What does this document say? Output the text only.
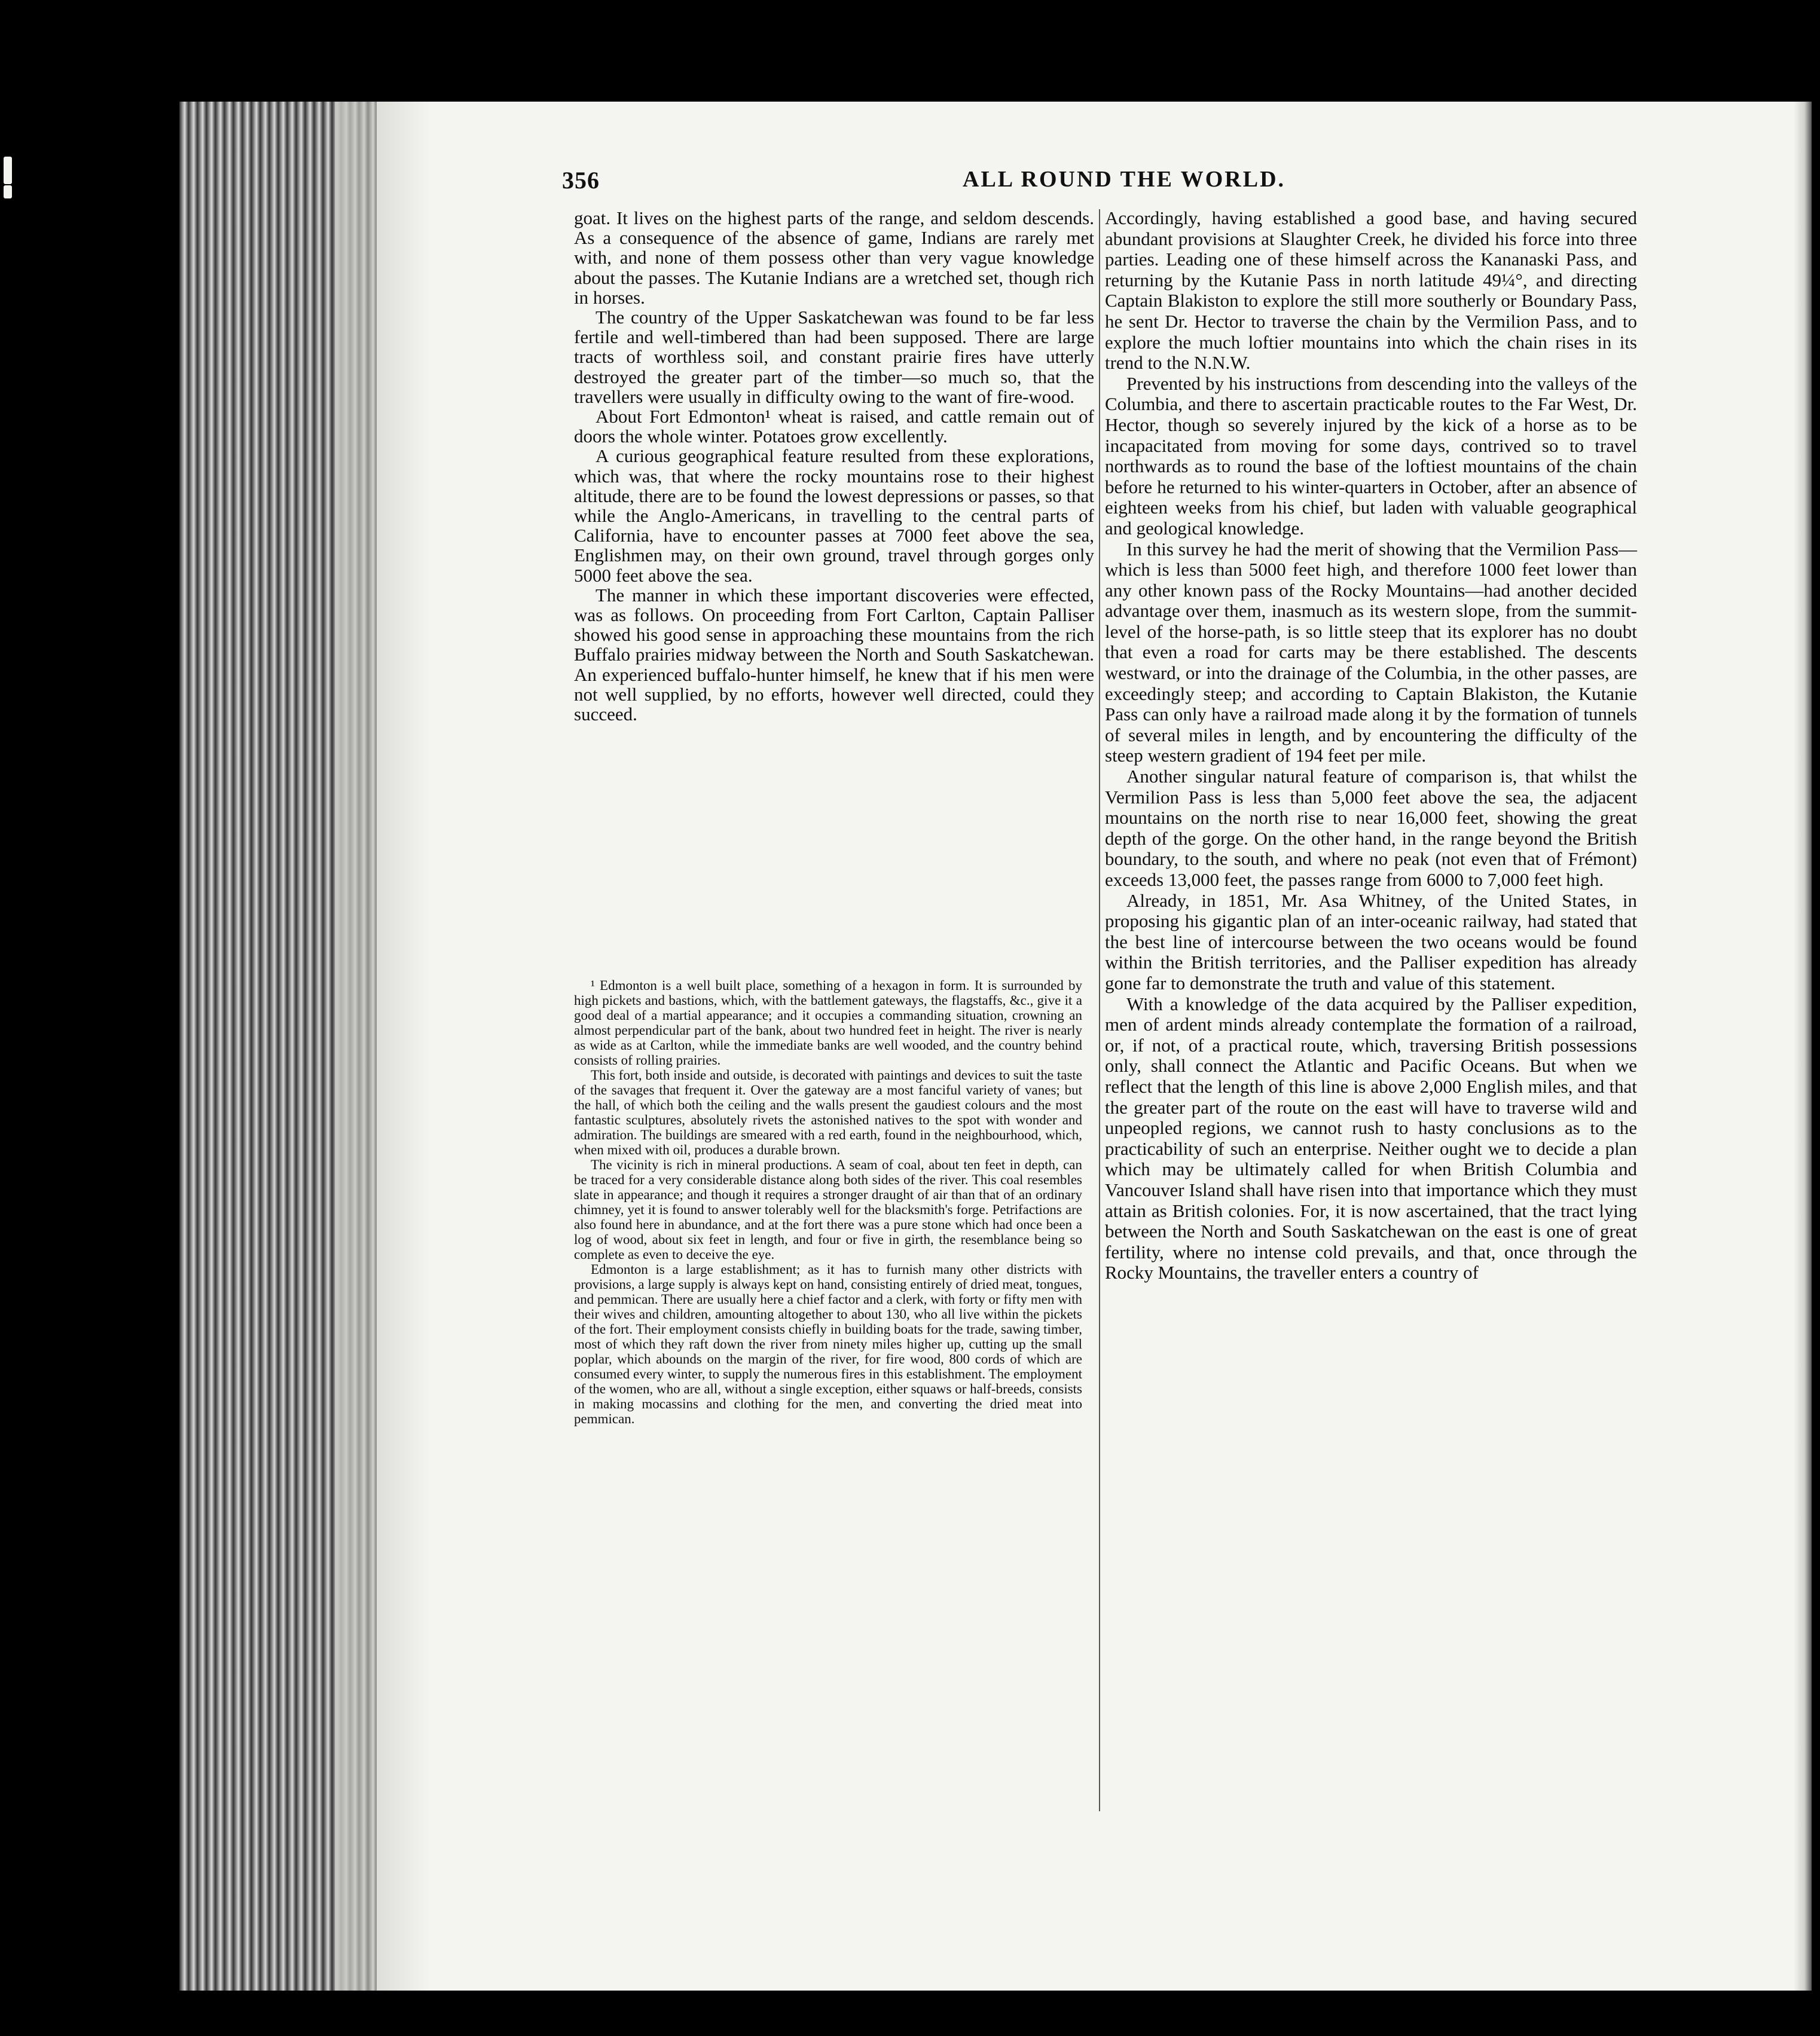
356	ALL ROUND THE WORLD.

goat. It lives on the highest parts of the range, and seldom descends. As a consequence of the absence of game, Indians are rarely met with, and none of them possess other than very vague knowledge about the passes. The Kutanie Indians are a wretched set, though rich in horses.

The country of the Upper Saskatchewan was found to be far less fertile and well-timbered than had been supposed. There are large tracts of worthless soil, and constant prairie fires have utterly destroyed the greater part of the timber—so much so, that the travellers were usually in difficulty owing to the want of fire-wood.

About Fort Edmonton¹ wheat is raised, and cattle remain out of doors the whole winter. Potatoes grow excellently.

A curious geographical feature resulted from these explorations, which was, that where the rocky mountains rose to their highest altitude, there are to be found the lowest depressions or passes, so that while the Anglo-Americans, in travelling to the central parts of California, have to encounter passes at 7000 feet above the sea, Englishmen may, on their own ground, travel through gorges only 5000 feet above the sea.

The manner in which these important discoveries were effected, was as follows. On proceeding from Fort Carlton, Captain Palliser showed his good sense in approaching these mountains from the rich Buffalo prairies midway between the North and South Saskatchewan. An experienced buffalo-hunter himself, he knew that if his men were not well supplied, by no efforts, however well directed, could they succeed.

¹ Edmonton is a well built place, something of a hexagon in form. It is surrounded by high pickets and bastions, which, with the battlement gateways, the flagstaffs, &c., give it a good deal of a martial appearance; and it occupies a commanding situation, crowning an almost perpendicular part of the bank, about two hundred feet in height. The river is nearly as wide as at Carlton, while the immediate banks are well wooded, and the country behind consists of rolling prairies.

This fort, both inside and outside, is decorated with paintings and devices to suit the taste of the savages that frequent it. Over the gateway are a most fanciful variety of vanes; but the hall, of which both the ceiling and the walls present the gaudiest colours and the most fantastic sculptures, absolutely rivets the astonished natives to the spot with wonder and admiration. The buildings are smeared with a red earth, found in the neighbourhood, which, when mixed with oil, produces a durable brown.

The vicinity is rich in mineral productions. A seam of coal, about ten feet in depth, can be traced for a very considerable distance along both sides of the river. This coal resembles slate in appearance; and though it requires a stronger draught of air than that of an ordinary chimney, yet it is found to answer tolerably well for the blacksmith's forge. Petrifactions are also found here in abundance, and at the fort there was a pure stone which had once been a log of wood, about six feet in length, and four or five in girth, the resemblance being so complete as even to deceive the eye.

Edmonton is a large establishment; as it has to furnish many other districts with provisions, a large supply is always kept on hand, consisting entirely of dried meat, tongues, and pemmican. There are usually here a chief factor and a clerk, with forty or fifty men with their wives and children, amounting altogether to about 130, who all live within the pickets of the fort. Their employment consists chiefly in building boats for the trade, sawing timber, most of which they raft down the river from ninety miles higher up, cutting up the small poplar, which abounds on the margin of the river, for fire wood, 800 cords of which are consumed every winter, to supply the numerous fires in this establishment. The employment of the women, who are all, without a single exception, either squaws or half-breeds, consists in making mocassins and clothing for the men, and converting the dried meat into pemmican.

Accordingly, having established a good base, and having secured abundant provisions at Slaughter Creek, he divided his force into three parties. Leading one of these himself across the Kananaski Pass, and returning by the Kutanie Pass in north latitude 49¼°, and directing Captain Blakiston to explore the still more southerly or Boundary Pass, he sent Dr. Hector to traverse the chain by the Vermilion Pass, and to explore the much loftier mountains into which the chain rises in its trend to the N.N.W.

Prevented by his instructions from descending into the valleys of the Columbia, and there to ascertain practicable routes to the Far West, Dr. Hector, though so severely injured by the kick of a horse as to be incapacitated from moving for some days, contrived so to travel northwards as to round the base of the loftiest mountains of the chain before he returned to his winter-quarters in October, after an absence of eighteen weeks from his chief, but laden with valuable geographical and geological knowledge.

In this survey he had the merit of showing that the Vermilion Pass—which is less than 5000 feet high, and therefore 1000 feet lower than any other known pass of the Rocky Mountains—had another decided advantage over them, inasmuch as its western slope, from the summit-level of the horse-path, is so little steep that its explorer has no doubt that even a road for carts may be there established. The descents westward, or into the drainage of the Columbia, in the other passes, are exceedingly steep; and according to Captain Blakiston, the Kutanie Pass can only have a railroad made along it by the formation of tunnels of several miles in length, and by encountering the difficulty of the steep western gradient of 194 feet per mile.

Another singular natural feature of comparison is, that whilst the Vermilion Pass is less than 5,000 feet above the sea, the adjacent mountains on the north rise to near 16,000 feet, showing the great depth of the gorge. On the other hand, in the range beyond the British boundary, to the south, and where no peak (not even that of Frémont) exceeds 13,000 feet, the passes range from 6000 to 7,000 feet high.

Already, in 1851, Mr. Asa Whitney, of the United States, in proposing his gigantic plan of an inter-oceanic railway, had stated that the best line of intercourse between the two oceans would be found within the British territories, and the Palliser expedition has already gone far to demonstrate the truth and value of this statement.

With a knowledge of the data acquired by the Palliser expedition, men of ardent minds already contemplate the formation of a railroad, or, if not, of a practical route, which, traversing British possessions only, shall connect the Atlantic and Pacific Oceans. But when we reflect that the length of this line is above 2,000 English miles, and that the greater part of the route on the east will have to traverse wild and unpeopled regions, we cannot rush to hasty conclusions as to the practicability of such an enterprise. Neither ought we to decide a plan which may be ultimately called for when British Columbia and Vancouver Island shall have risen into that importance which they must attain as British colonies. For, it is now ascertained, that the tract lying between the North and South Saskatchewan on the east is one of great fertility, where no intense cold prevails, and that, once through the Rocky Mountains, the traveller enters a country of
